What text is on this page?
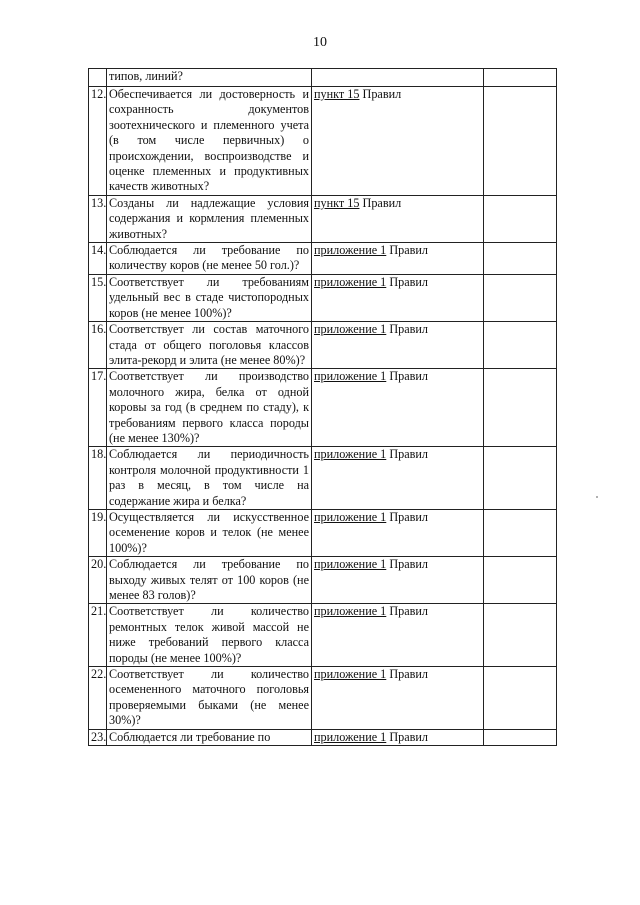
10
	типов, линий?		
12.	Обеспечивается ли достоверность и сохранность документов зоотехнического и племенного учета (в том числе первичных) о происхождении, воспроизводстве и оценке племенных и продуктивных качеств животных?	пункт 15 Правил	
13.	Созданы ли надлежащие условия содержания и кормления племенных животных?	пункт 15 Правил	
14.	Соблюдается ли требование по количеству коров (не менее 50 гол.)?	приложение 1 Правил	
15.	Соответствует ли требованиям удельный вес в стаде чистопородных коров (не менее 100%)?	приложение 1 Правил	
16.	Соответствует ли состав маточного стада от общего поголовья классов элита-рекорд и элита (не менее 80%)?	приложение 1 Правил	
17.	Соответствует ли производство молочного жира, белка от одной коровы за год (в среднем по стаду), к требованиям первого класса породы (не менее 130%)?	приложение 1 Правил	
18.	Соблюдается ли периодичность контроля молочной продуктивности 1 раз в месяц, в том числе на содержание жира и белка?	приложение 1 Правил	
19.	Осуществляется ли искусственное осеменение коров и телок (не менее 100%)?	приложение 1 Правил	
20.	Соблюдается ли требование по выходу живых телят от 100 коров (не менее 83 голов)?	приложение 1 Правил	
21.	Соответствует ли количество ремонтных телок живой массой не ниже требований первого класса породы (не менее 100%)?	приложение 1 Правил	
22.	Соответствует ли количество осемененного маточного поголовья проверяемыми быками (не менее 30%)?	приложение 1 Правил	
23.	Соблюдается ли требование по	приложение 1 Правил	
